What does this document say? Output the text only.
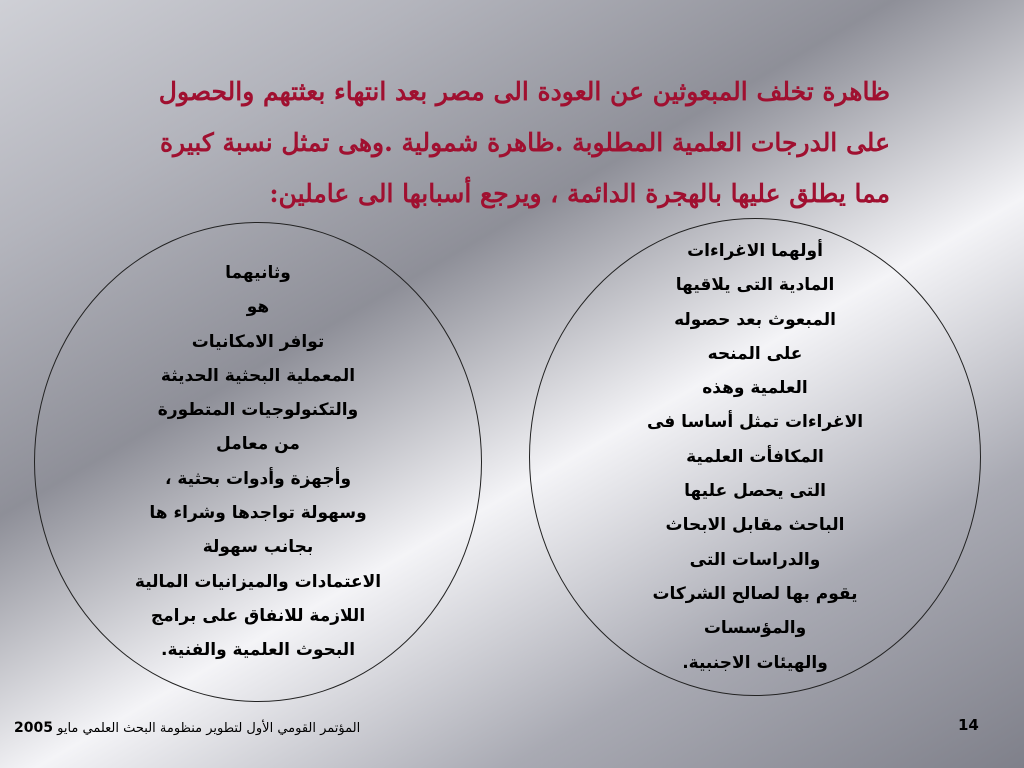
ظاهرة تخلف المبعوثين عن العودة الى مصر بعد انتهاء بعثتهم والحصول
على الدرجات العلمية المطلوبة .ظاهرة شمولية .وهى تمثل نسبة كبيرة
مما يطلق عليها بالهجرة الدائمة ، ويرجع أسبابها الى عاملين:
أولهما الاغراءات
المادية التى يلاقيها
المبعوث بعد حصوله
على المنحه
العلمية وهذه
الاغراءات تمثل أساسا فى
المكافأت العلمية
التى يحصل عليها
الباحث مقابل الابحاث
والدراسات التى
يقوم بها لصالح الشركات
والمؤسسات
والهيئات الاجنبية.
وثانيهما
هو
توافر الامكانيات
المعملية البحثية الحديثة
والتكنولوجيات المتطورة
من معامل
وأجهزة وأدوات بحثية ،
وسهولة تواجدها وشراء ها
بجانب سهولة
الاعتمادات والميزانيات المالية
اللازمة للانفاق على برامج
البحوث العلمية والفنية.
المؤتمر القومي الأول لتطوير منظومة البحث العلمي مايو 2005	14
